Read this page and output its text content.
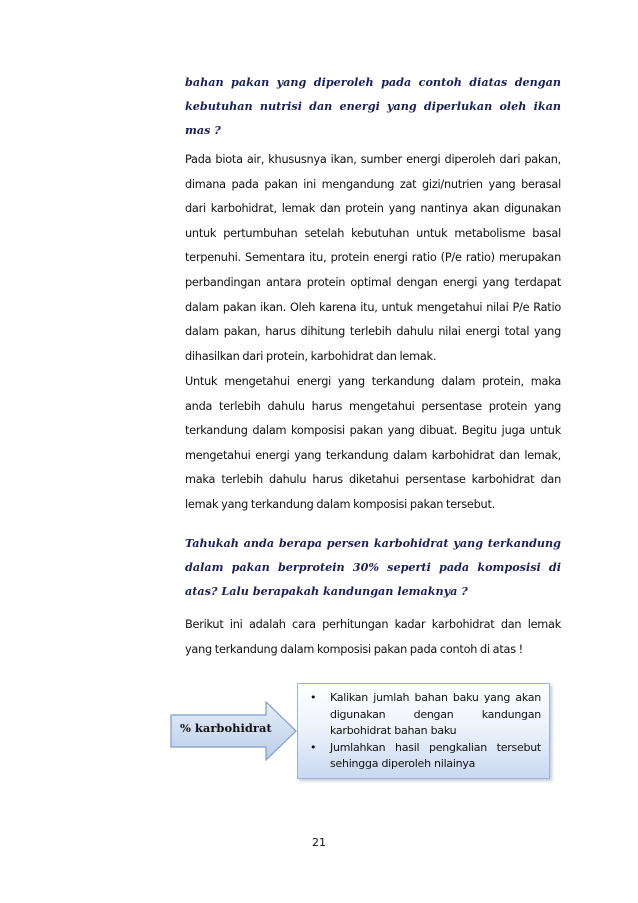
bahan pakan yang diperoleh pada contoh diatas dengan kebutuhan nutrisi dan energi yang diperlukan oleh ikan mas ?

Pada biota air, khususnya ikan, sumber energi diperoleh dari pakan, dimana pada pakan ini mengandung zat gizi/nutrien yang berasal dari karbohidrat, lemak dan protein yang nantinya akan digunakan untuk pertumbuhan setelah kebutuhan untuk metabolisme basal terpenuhi. Sementara itu, protein energi ratio (P/e ratio) merupakan perbandingan antara protein optimal dengan energi yang terdapat dalam pakan ikan. Oleh karena itu, untuk mengetahui nilai P/e Ratio dalam pakan, harus dihitung terlebih dahulu nilai energi total yang dihasilkan dari protein, karbohidrat dan lemak.

Untuk mengetahui energi yang terkandung dalam protein, maka anda terlebih dahulu harus mengetahui persentase protein yang terkandung dalam komposisi pakan yang dibuat. Begitu juga untuk mengetahui energi yang terkandung dalam karbohidrat dan lemak, maka terlebih dahulu harus diketahui persentase karbohidrat dan lemak yang terkandung dalam komposisi pakan tersebut.

Tahukah anda berapa persen karbohidrat yang terkandung dalam pakan berprotein 30% seperti pada komposisi di atas? Lalu berapakah kandungan lemaknya ?

Berikut ini adalah cara perhitungan kadar karbohidrat dan lemak yang terkandung dalam komposisi pakan pada contoh di atas !

% karbohidrat
• Kalikan jumlah bahan baku yang akan digunakan dengan kandungan karbohidrat bahan baku
• Jumlahkan hasil pengkalian tersebut sehingga diperoleh nilainya
21
